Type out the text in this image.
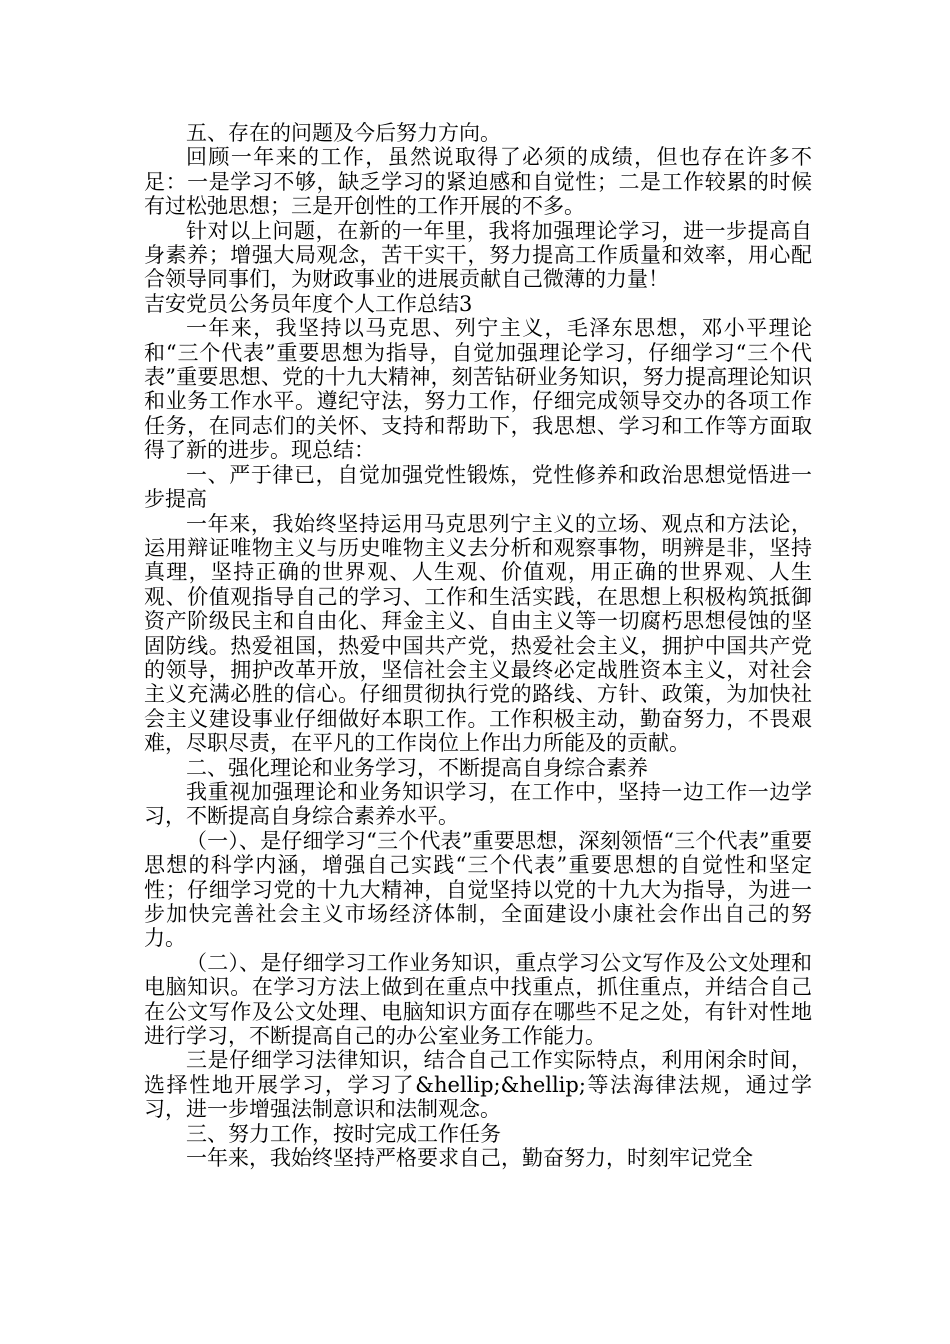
五、存在的问题及今后努力方向。

回顾一年来的工作，虽然说取得了必须的成绩，但也存在许多不足：一是学习不够，缺乏学习的紧迫感和自觉性；二是工作较累的时候有过松弛思想；三是开创性的工作开展的不多。

针对以上问题，在新的一年里，我将加强理论学习，进一步提高自身素养；增强大局观念，苦干实干，努力提高工作质量和效率，用心配合领导同事们，为财政事业的进展贡献自己微薄的力量！

吉安党员公务员年度个人工作总结3

一年来，我坚持以马克思、列宁主义，毛泽东思想，邓小平理论和“三个代表”重要思想为指导，自觉加强理论学习，仔细学习“三个代表”重要思想、党的十九大精神，刻苦钻研业务知识，努力提高理论知识和业务工作水平。遵纪守法，努力工作，仔细完成领导交办的各项工作任务，在同志们的关怀、支持和帮助下，我思想、学习和工作等方面取得了新的进步。现总结：

一、严于律已，自觉加强党性锻炼，党性修养和政治思想觉悟进一步提高

一年来，我始终坚持运用马克思列宁主义的立场、观点和方法论，运用辩证唯物主义与历史唯物主义去分析和观察事物，明辨是非，坚持真理，坚持正确的世界观、人生观、价值观，用正确的世界观、人生观、价值观指导自己的学习、工作和生活实践，在思想上积极构筑抵御资产阶级民主和自由化、拜金主义、自由主义等一切腐朽思想侵蚀的坚固防线。热爱祖国，热爱中国共产党，热爱社会主义，拥护中国共产党的领导，拥护改革开放，坚信社会主义最终必定战胜资本主义，对社会主义充满必胜的信心。仔细贯彻执行党的路线、方针、政策，为加快社会主义建设事业仔细做好本职工作。工作积极主动，勤奋努力，不畏艰难，尽职尽责，在平凡的工作岗位上作出力所能及的贡献。

二、强化理论和业务学习，不断提高自身综合素养

我重视加强理论和业务知识学习，在工作中，坚持一边工作一边学习，不断提高自身综合素养水平。

（一）、是仔细学习“三个代表”重要思想，深刻领悟“三个代表”重要思想的科学内涵，增强自己实践“三个代表”重要思想的自觉性和坚定性；仔细学习党的十九大精神，自觉坚持以党的十九大为指导，为进一步加快完善社会主义市场经济体制，全面建设小康社会作出自己的努力。

（二）、是仔细学习工作业务知识，重点学习公文写作及公文处理和电脑知识。在学习方法上做到在重点中找重点，抓住重点，并结合自己在公文写作及公文处理、电脑知识方面存在哪些不足之处，有针对性地进行学习，不断提高自己的办公室业务工作能力。

三是仔细学习法律知识，结合自己工作实际特点，利用闲余时间，选择性地开展学习，学习了&hellip;&hellip;等法海律法规，通过学习，进一步增强法制意识和法制观念。

三、努力工作，按时完成工作任务

一年来，我始终坚持严格要求自己，勤奋努力，时刻牢记党全
